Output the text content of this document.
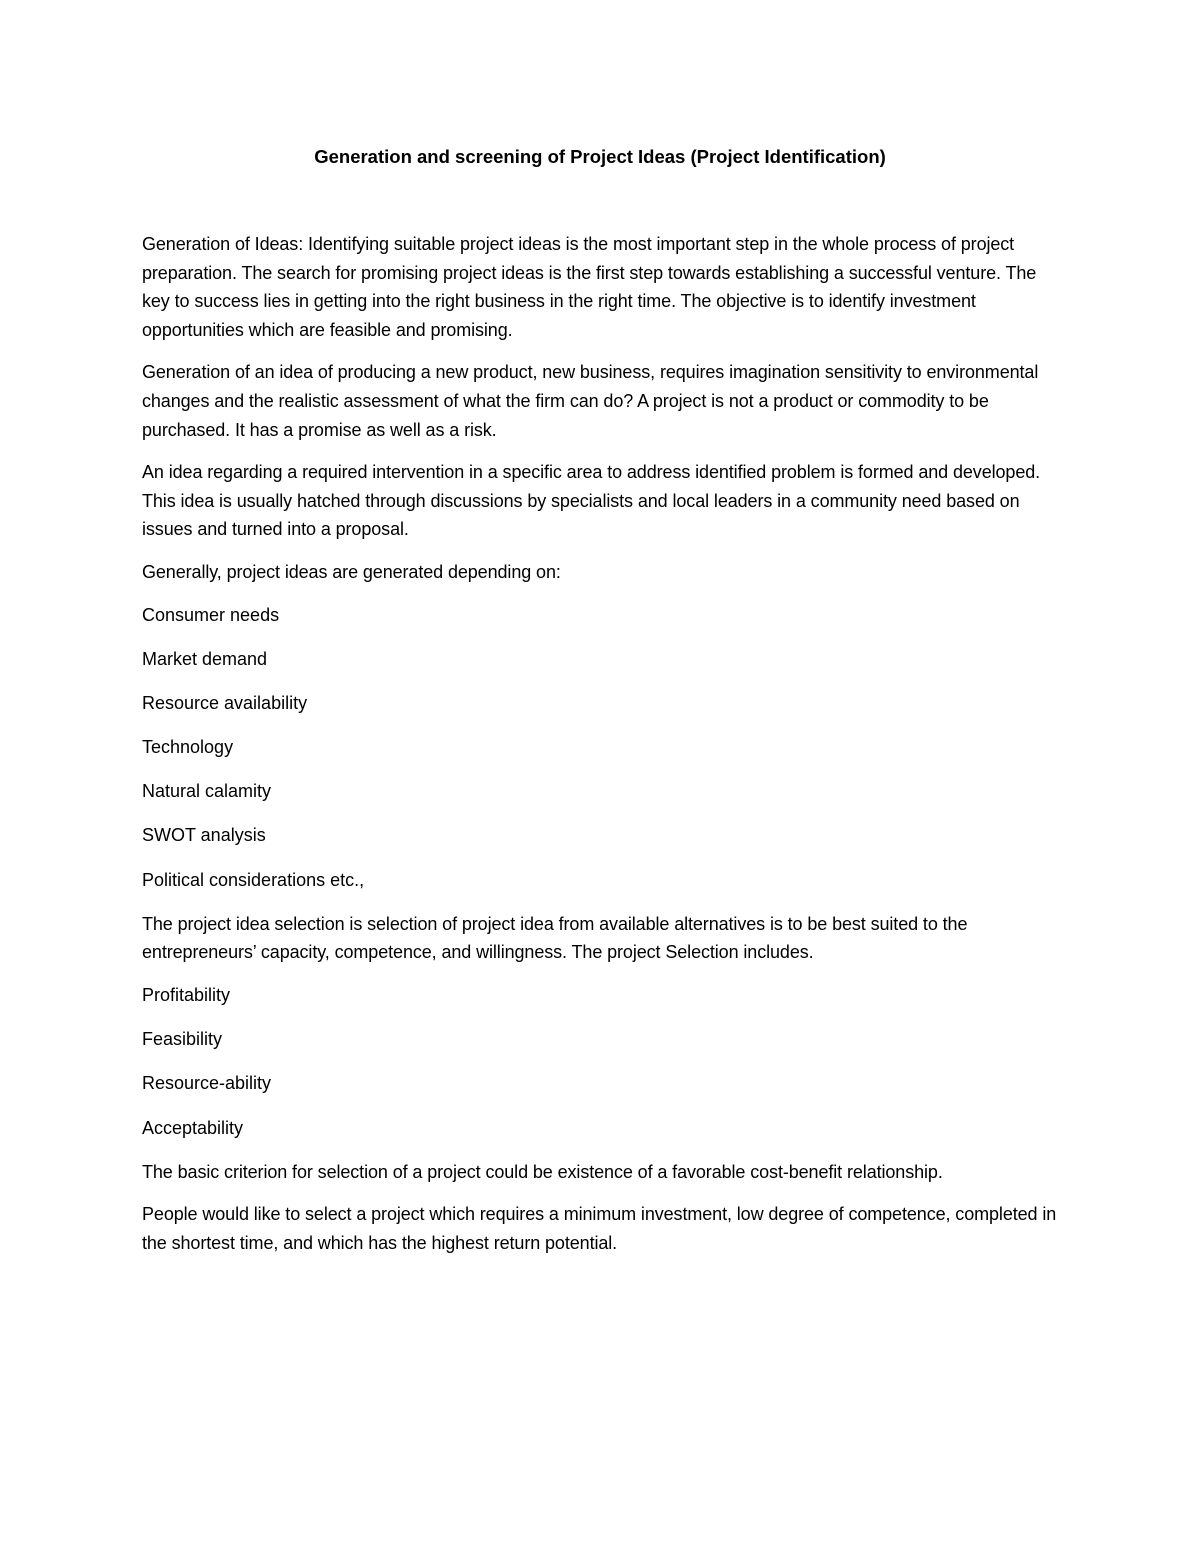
Generation and screening of Project Ideas (Project Identification)

Generation of Ideas: Identifying suitable project ideas is the most important step in the whole process of project preparation. The search for promising project ideas is the first step towards establishing a successful venture. The key to success lies in getting into the right business in the right time. The objective is to identify investment opportunities which are feasible and promising.

Generation of an idea of producing a new product, new business, requires imagination sensitivity to environmental changes and the realistic assessment of what the firm can do? A project is not a product or commodity to be purchased. It has a promise as well as a risk.

An idea regarding a required intervention in a specific area to address identified problem is formed and developed. This idea is usually hatched through discussions by specialists and local leaders in a community need based on issues and turned into a proposal.

Generally, project ideas are generated depending on:

Consumer needs

Market demand

Resource availability

Technology

Natural calamity

SWOT analysis

Political considerations etc.,

The project idea selection is selection of project idea from available alternatives is to be best suited to the entrepreneurs’ capacity, competence, and willingness. The project Selection includes.

Profitability

Feasibility

Resource-ability

Acceptability

The basic criterion for selection of a project could be existence of a favorable cost-benefit relationship.

People would like to select a project which requires a minimum investment, low degree of competence, completed in the shortest time, and which has the highest return potential.
